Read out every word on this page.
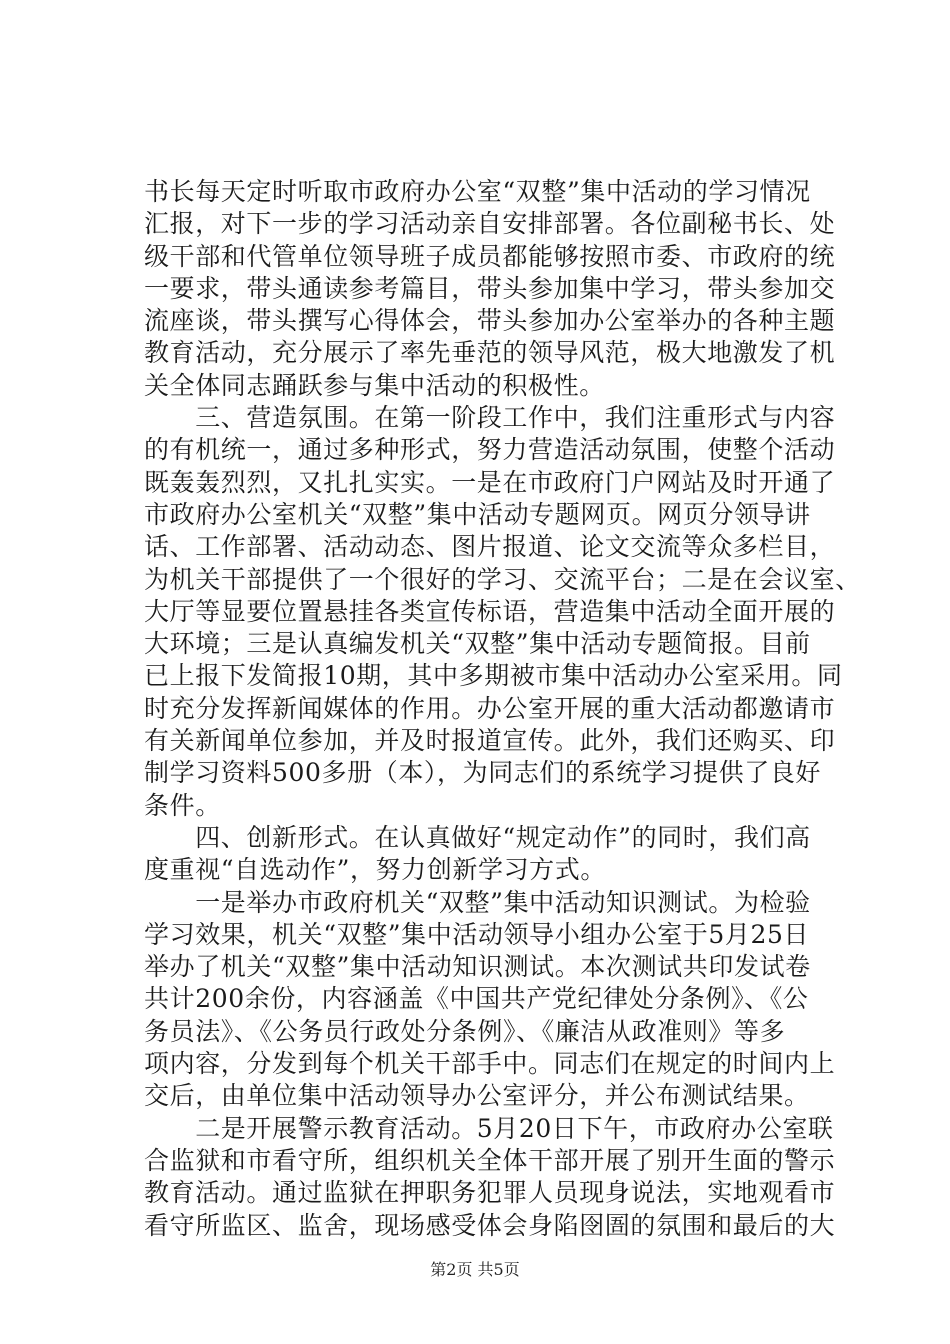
书长每天定时听取市政府办公室“双整”集中活动的学习情况
汇报，对下一步的学习活动亲自安排部署。各位副秘书长、处
级干部和代管单位领导班子成员都能够按照市委、市政府的统
一要求，带头通读参考篇目，带头参加集中学习，带头参加交
流座谈，带头撰写心得体会，带头参加办公室举办的各种主题
教育活动，充分展示了率先垂范的领导风范，极大地激发了机
关全体同志踊跃参与集中活动的积极性。
　　三、营造氛围。在第一阶段工作中，我们注重形式与内容
的有机统一，通过多种形式，努力营造活动氛围，使整个活动
既轰轰烈烈，又扎扎实实。一是在市政府门户网站及时开通了
市政府办公室机关“双整”集中活动专题网页。网页分领导讲
话、工作部署、活动动态、图片报道、论文交流等众多栏目，
为机关干部提供了一个很好的学习、交流平台；二是在会议室、
大厅等显要位置悬挂各类宣传标语，营造集中活动全面开展的
大环境；三是认真编发机关“双整”集中活动专题简报。目前
已上报下发简报10期，其中多期被市集中活动办公室采用。同
时充分发挥新闻媒体的作用。办公室开展的重大活动都邀请市
有关新闻单位参加，并及时报道宣传。此外，我们还购买、印
制学习资料500多册（本），为同志们的系统学习提供了良好
条件。
　　四、创新形式。在认真做好“规定动作”的同时，我们高
度重视“自选动作”，努力创新学习方式。
　　一是举办市政府机关“双整”集中活动知识测试。为检验
学习效果，机关“双整”集中活动领导小组办公室于5月25日
举办了机关“双整”集中活动知识测试。本次测试共印发试卷
共计200余份，内容涵盖《中国共产党纪律处分条例》、《公
务员法》、《公务员行政处分条例》、《廉洁从政准则》等多
项内容，分发到每个机关干部手中。同志们在规定的时间内上
交后，由单位集中活动领导办公室评分，并公布测试结果。
　　二是开展警示教育活动。5月20日下午，市政府办公室联
合监狱和市看守所，组织机关全体干部开展了别开生面的警示
教育活动。通过监狱在押职务犯罪人员现身说法，实地观看市
看守所监区、监舍，现场感受体会身陷囹圄的氛围和最后的大
第2页 共5页
